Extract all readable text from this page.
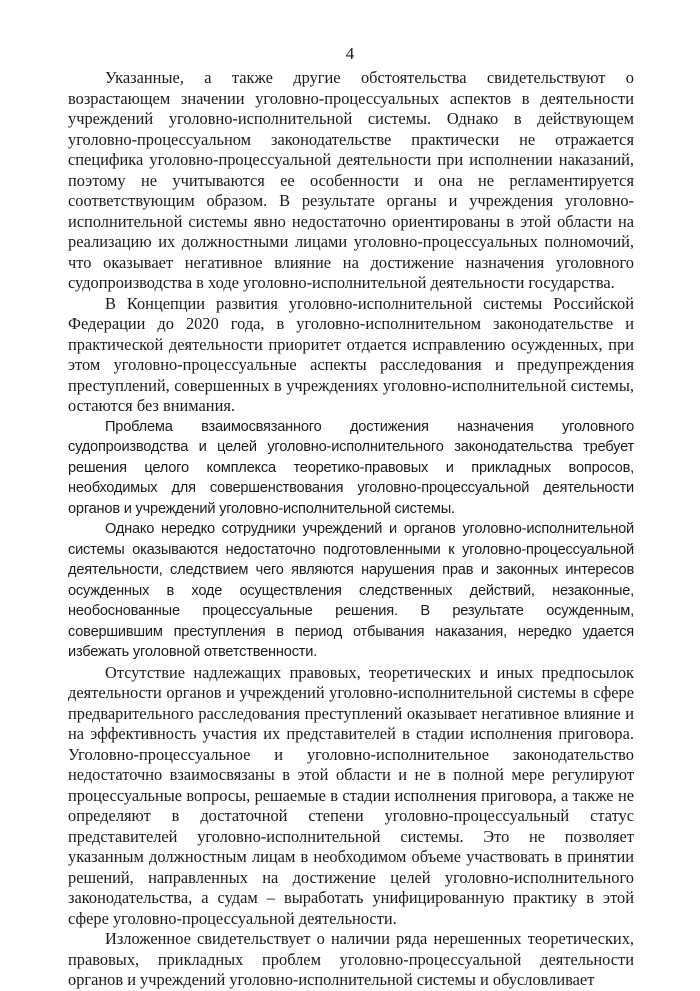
4

Указанные, а также другие обстоятельства свидетельствуют о возрастающем значении уголовно-процессуальных аспектов в деятельности учреждений уголовно-исполнительной системы. Однако в действующем уголовно-процессуальном законодательстве практически не отражается специфика уголовно-процессуальной деятельности при исполнении наказаний, поэтому не учитываются ее особенности и она не регламентируется соответствующим образом. В результате органы и учреждения уголовно-исполнительной системы явно недостаточно ориентированы в этой области на реализацию их должностными лицами уголовно-процессуальных полномочий, что оказывает негативное влияние на достижение назначения уголовного судопроизводства в ходе уголовно-исполнительной деятельности государства.

В Концепции развития уголовно-исполнительной системы Российской Федерации до 2020 года, в уголовно-исполнительном законодательстве и практической деятельности приоритет отдается исправлению осужденных, при этом уголовно-процессуальные аспекты расследования и предупреждения преступлений, совершенных в учреждениях уголовно-исполнительной системы, остаются без внимания.

Проблема взаимосвязанного достижения назначения уголовного судопроизводства и целей уголовно-исполнительного законодательства требует решения целого комплекса теоретико-правовых и прикладных вопросов, необходимых для совершенствования уголовно-процессуальной деятельности органов и учреждений уголовно-исполнительной системы.

Однако нередко сотрудники учреждений и органов уголовно-исполнительной системы оказываются недостаточно подготовленными к уголовно-процессуальной деятельности, следствием чего являются нарушения прав и законных интересов осужденных в ходе осуществления следственных действий, незаконные, необоснованные процессуальные решения. В результате осужденным, совершившим преступления в период отбывания наказания, нередко удается избежать уголовной ответственности.

Отсутствие надлежащих правовых, теоретических и иных предпосылок деятельности органов и учреждений уголовно-исполнительной системы в сфере предварительного расследования преступлений оказывает негативное влияние и на эффективность участия их представителей в стадии исполнения приговора. Уголовно-процессуальное и уголовно-исполнительное законодательство недостаточно взаимосвязаны в этой области и не в полной мере регулируют процессуальные вопросы, решаемые в стадии исполнения приговора, а также не определяют в достаточной степени уголовно-процессуальный статус представителей уголовно-исполнительной системы. Это не позволяет указанным должностным лицам в необходимом объеме участвовать в принятии решений, направленных на достижение целей уголовно-исполнительного законодательства, а судам – выработать унифицированную практику в этой сфере уголовно-процессуальной деятельности.

Изложенное свидетельствует о наличии ряда нерешенных теоретических, правовых, прикладных проблем уголовно-процессуальной деятельности органов и учреждений уголовно-исполнительной системы и обусловливает
